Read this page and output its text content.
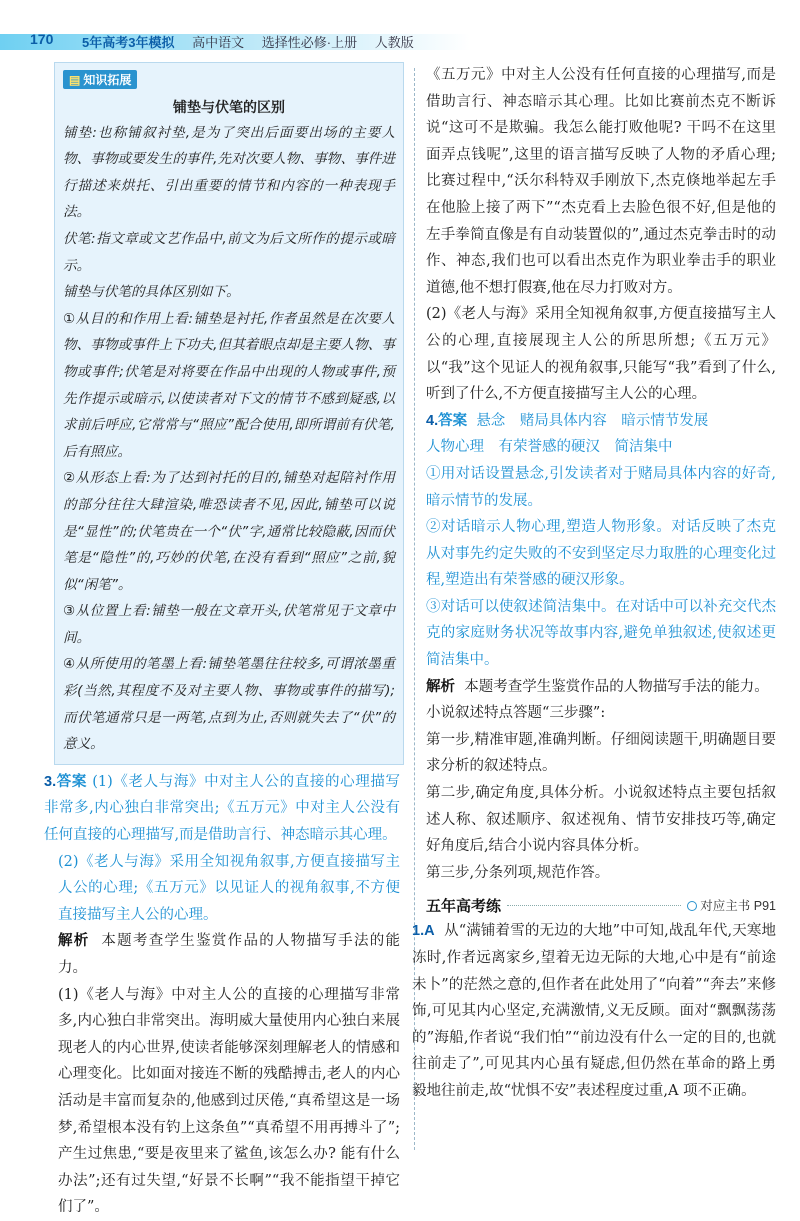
170 5年高考3年模拟 高中语文 选择性必修·上册 人教版
▤ 知识拓展
铺垫与伏笔的区别

铺垫:也称铺叙衬垫,是为了突出后面要出场的主要人物、事物或要发生的事件,先对次要人物、事物、事件进行描述来烘托、引出重要的情节和内容的一种表现手法。

伏笔:指文章或文艺作品中,前文为后文所作的提示或暗示。

铺垫与伏笔的具体区别如下。

①从目的和作用上看:铺垫是衬托,作者虽然是在次要人物、事物或事件上下功夫,但其着眼点却是主要人物、事物或事件;伏笔是对将要在作品中出现的人物或事件,预先作提示或暗示,以使读者对下文的情节不感到疑惑,以求前后呼应,它常常与“照应”配合使用,即所谓前有伏笔,后有照应。

②从形态上看:为了达到衬托的目的,铺垫对起陪衬作用的部分往往大肆渲染,唯恐读者不见,因此,铺垫可以说是“显性”的;伏笔贵在一个“伏”字,通常比较隐蔽,因而伏笔是“隐性”的,巧妙的伏笔,在没有看到“照应”之前,貌似“闲笔”。

③从位置上看:铺垫一般在文章开头,伏笔常见于文章中间。

④从所使用的笔墨上看:铺垫笔墨往往较多,可谓浓墨重彩(当然,其程度不及对主要人物、事物或事件的描写);而伏笔通常只是一两笔,点到为止,否则就失去了“伏”的意义。

3.答案 (1)《老人与海》中对主人公的直接的心理描写非常多,内心独白非常突出;《五万元》中对主人公没有任何直接的心理描写,而是借助言行、神态暗示其心理。

(2)《老人与海》采用全知视角叙事,方便直接描写主人公的心理;《五万元》以见证人的视角叙事,不方便直接描写主人公的心理。

解析 本题考查学生鉴赏作品的人物描写手法的能力。

(1)《老人与海》中对主人公的直接的心理描写非常多,内心独白非常突出。海明威大量使用内心独白来展现老人的内心世界,使读者能够深刻理解老人的情感和心理变化。比如面对接连不断的残酷搏击,老人的内心活动是丰富而复杂的,他感到过厌倦,“真希望这是一场梦,希望根本没有钓上这条鱼”“真希望不用再搏斗了”;产生过焦患,“要是夜里来了鲨鱼,该怎么办? 能有什么办法”;还有过失望,“好景不长啊”“我不能指望干掉它们了”。

《五万元》中对主人公没有任何直接的心理描写,而是借助言行、神态暗示其心理。比如比赛前杰克不断诉说“这可不是欺骗。我怎么能打败他呢? 干吗不在这里面弄点钱呢”,这里的语言描写反映了人物的矛盾心理;比赛过程中,“沃尔科特双手刚放下,杰克倏地举起左手在他脸上接了两下”“杰克看上去脸色很不好,但是他的左手拳简直像是有自动装置似的”,通过杰克拳击时的动作、神态,我们也可以看出杰克作为职业拳击手的职业道德,他不想打假赛,他在尽力打败对方。

(2)《老人与海》采用全知视角叙事,方便直接描写主人公的心理,直接展现主人公的所思所想;《五万元》以“我”这个见证人的视角叙事,只能写“我”看到了什么,听到了什么,不方便直接描写主人公的心理。

4.答案 悬念　赌局具体内容　暗示情节发展

人物心理　有荣誉感的硬汉　简洁集中

①用对话设置悬念,引发读者对于赌局具体内容的好奇,暗示情节的发展。

②对话暗示人物心理,塑造人物形象。对话反映了杰克从对事先约定失败的不安到坚定尽力取胜的心理变化过程,塑造出有荣誉感的硬汉形象。

③对话可以使叙述简洁集中。在对话中可以补充交代杰克的家庭财务状况等故事内容,避免单独叙述,使叙述更简洁集中。

解析 本题考查学生鉴赏作品的人物描写手法的能力。

小说叙述特点答题“三步骤”:

第一步,精准审题,准确判断。仔细阅读题干,明确题目要求分析的叙述特点。

第二步,确定角度,具体分析。小说叙述特点主要包括叙述人称、叙述顺序、叙述视角、情节安排技巧等,确定好角度后,结合小说内容具体分析。

第三步,分条列项,规范作答。

五年高考练	对应主书 P91

1.A 从“满铺着雪的无边的大地”中可知,战乱年代,天寒地冻时,作者远离家乡,望着无边无际的大地,心中是有“前途未卜”的茫然之意的,但作者在此处用了“向着”“奔去”来修饰,可见其内心坚定,充满激情,义无反顾。面对“飘飘荡荡的”海船,作者说“我们怕”“前边没有什么一定的目的,也就往前走了”,可见其内心虽有疑虑,但仍然在革命的路上勇毅地往前走,故“忧惧不安”表述程度过重,A 项不正确。
